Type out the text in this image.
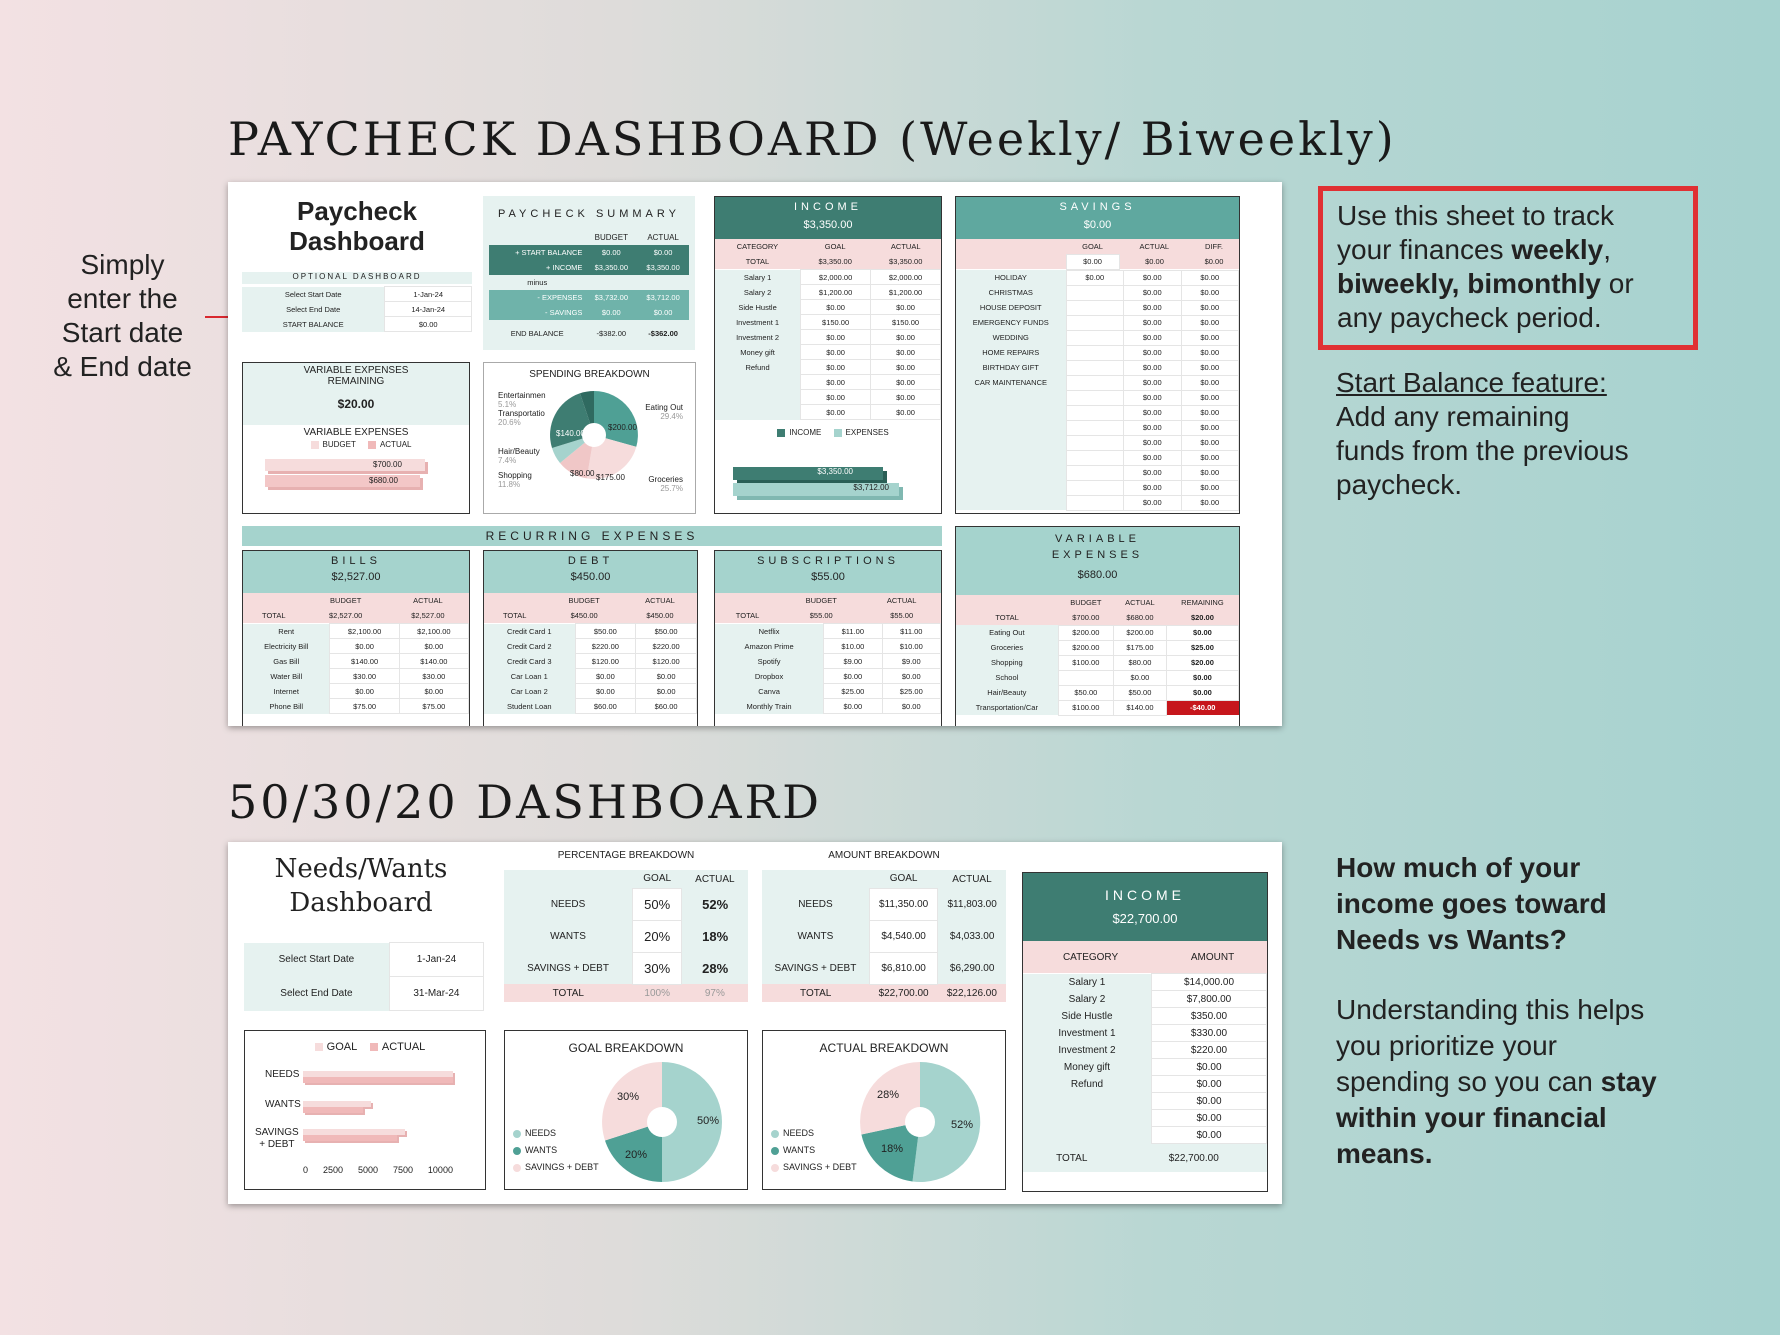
PAYCHECK DASHBOARD (Weekly/ Biweekly)
50/30/20 DASHBOARD
Simply
enter the
Start date
& End date
Use this sheet to track
your finances weekly,
biweekly, bimonthly or
any paycheck period.
Start Balance feature:
Add any remaining
funds from the previous
paycheck.
How much of your
income goes toward
Needs vs Wants?
Understanding this helps
you prioritize your
spending so you can stay
within your financial
means.
Paycheck
Dashboard
OPTIONAL DASHBOARD
Select Start Date	1-Jan-24
Select End Date	14-Jan-24
START BALANCE	$0.00
PAYCHECK SUMMARY
	BUDGET	ACTUAL
+ START BALANCE	$0.00	$0.00
+ INCOME	$3,350.00	$3,350.00
minus		
- EXPENSES	$3,732.00	$3,712.00
- SAVINGS	$0.00	$0.00

END BALANCE	-$382.00	-$362.00
VARIABLE EXPENSES
REMAINING
$20.00
VARIABLE EXPENSES
BUDGET	ACTUAL
$700.00
$680.00
SPENDING BREAKDOWN
$200.00
$140.00
$175.00
$80.00
Entertainmen
5.1%
Transportatio
20.6%
Hair/Beauty
7.4%
Shopping
11.8%
Eating Out
29.4%
Groceries
25.7%
INCOME
$3,350.00
CATEGORY	GOAL	ACTUAL
TOTAL	$3,350.00	$3,350.00
Salary 1	$2,000.00	$2,000.00
Salary 2	$1,200.00	$1,200.00
Side Hustle	$0.00	$0.00
Investment 1	$150.00	$150.00
Investment 2	$0.00	$0.00
Money gift	$0.00	$0.00
Refund	$0.00	$0.00
	$0.00	$0.00
	$0.00	$0.00
	$0.00	$0.00
INCOME	EXPENSES
$3,350.00
$3,712.00
SAVINGS
$0.00
	GOAL	ACTUAL	DIFF.
	$0.00	$0.00	$0.00
HOLIDAY	$0.00	$0.00	$0.00
CHRISTMAS		$0.00	$0.00
HOUSE DEPOSIT		$0.00	$0.00
EMERGENCY FUNDS		$0.00	$0.00
WEDDING		$0.00	$0.00
HOME REPAIRS		$0.00	$0.00
BIRTHDAY GIFT		$0.00	$0.00
CAR MAINTENANCE		$0.00	$0.00
		$0.00	$0.00
		$0.00	$0.00
		$0.00	$0.00
		$0.00	$0.00
		$0.00	$0.00
		$0.00	$0.00
		$0.00	$0.00
		$0.00	$0.00
RECURRING EXPENSES
BILLS
$2,527.00
	BUDGET	ACTUAL
TOTAL	$2,527.00	$2,527.00
Rent	$2,100.00	$2,100.00
Electricity Bill	$0.00	$0.00
Gas Bill	$140.00	$140.00
Water Bill	$30.00	$30.00
Internet	$0.00	$0.00
Phone Bill	$75.00	$75.00
DEBT
$450.00
	BUDGET	ACTUAL
TOTAL	$450.00	$450.00
Credit Card 1	$50.00	$50.00
Credit Card 2	$220.00	$220.00
Credit Card 3	$120.00	$120.00
Car Loan 1	$0.00	$0.00
Car Loan 2	$0.00	$0.00
Student Loan	$60.00	$60.00
SUBSCRIPTIONS
$55.00
	BUDGET	ACTUAL
TOTAL	$55.00	$55.00
Netflix	$11.00	$11.00
Amazon Prime	$10.00	$10.00
Spotify	$9.00	$9.00
Dropbox	$0.00	$0.00
Canva	$25.00	$25.00
Monthly Train	$0.00	$0.00
VARIABLE
EXPENSES
$680.00
	BUDGET	ACTUAL	REMAINING
TOTAL	$700.00	$680.00	$20.00
Eating Out	$200.00	$200.00	$0.00
Groceries	$200.00	$175.00	$25.00
Shopping	$100.00	$80.00	$20.00
School		$0.00	$0.00
Hair/Beauty	$50.00	$50.00	$0.00
Transportation/Car	$100.00	$140.00	-$40.00
Needs/Wants
Dashboard
Select Start Date	1-Jan-24
Select End Date	31-Mar-24
PERCENTAGE BREAKDOWN
	GOAL	ACTUAL
NEEDS	50%	52%
WANTS	20%	18%
SAVINGS + DEBT	30%	28%
TOTAL	100%	97%
AMOUNT BREAKDOWN
	GOAL	ACTUAL
NEEDS	$11,350.00	$11,803.00
WANTS	$4,540.00	$4,033.00
SAVINGS + DEBT	$6,810.00	$6,290.00
TOTAL	$22,700.00	$22,126.00
GOAL ACTUAL
NEEDS
WANTS
SAVINGS
+ DEBT
0 2500 5000 7500 10000
GOAL BREAKDOWN
50%
20%
30%
NEEDS
WANTS
SAVINGS + DEBT
ACTUAL BREAKDOWN
52%
18%
28%
NEEDS
WANTS
SAVINGS + DEBT
INCOME
$22,700.00
CATEGORY	AMOUNT
Salary 1	$14,000.00
Salary 2	$7,800.00
Side Hustle	$350.00
Investment 1	$330.00
Investment 2	$220.00
Money gift	$0.00
Refund	$0.00
	$0.00
	$0.00
	$0.00
TOTAL	$22,700.00
